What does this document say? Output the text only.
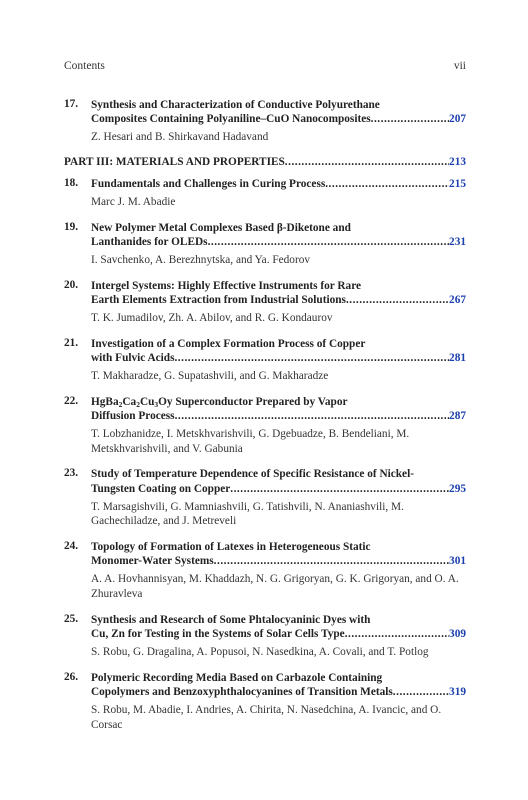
Contents	vii
17.	Synthesis and Characterization of Conductive Polyurethane
Composites Containing Polyaniline–CuO Nanocomposites .....	207
Z. Hesari and B. Shirkavand Hadavand
PART III: MATERIALS AND PROPERTIES .....	213
18.	Fundamentals and Challenges in Curing Process .....	215
Marc J. M. Abadie
19.	New Polymer Metal Complexes Based β-Diketone and
Lanthanides for OLEDs .....	231
I. Savchenko, A. Berezhnytska, and Ya. Fedorov
20.	Intergel Systems: Highly Effective Instruments for Rare
Earth Elements Extraction from Industrial Solutions .....	267
T. K. Jumadilov, Zh. A. Abilov, and R. G. Kondaurov
21.	Investigation of a Complex Formation Process of Copper
with Fulvic Acids .....	281
T. Makharadze, G. Supatashvili, and G. Makharadze
22.	$HgBa_2Ca_2Cu_3Oy$ Superconductor Prepared by Vapor
Diffusion Process .....	287
T. Lobzhanidze, I. Metskhvarishvili, G. Dgebuadze, B. Bendeliani, M. Metskhvarishvili, and V. Gabunia
23.	Study of Temperature Dependence of Specific Resistance of Nickel-
Tungsten Coating on Copper .....	295
T. Marsagishvili, G. Mamniashvili, G. Tatishvili, N. Ananiashvili, M. Gachechiladze, and J. Metreveli
24.	Topology of Formation of Latexes in Heterogeneous Static
Monomer-Water Systems .....	301
A. A. Hovhannisyan, M. Khaddazh, N. G. Grigoryan, G. K. Grigoryan, and O. A. Zhuravleva
25.	Synthesis and Research of Some Phtalocyaninic Dyes with
Cu, Zn for Testing in the Systems of Solar Cells Type .....	309
S. Robu, G. Dragalina, A. Popusoi, N. Nasedkina, A. Covali, and T. Potlog
26.	Polymeric Recording Media Based on Carbazole Containing
Copolymers and Benzoxyphthalocyanines of Transition Metals .....	319
S. Robu, M. Abadie, I. Andries, A. Chirita, N. Nasedchina, A. Ivancic, and O. Corsac
